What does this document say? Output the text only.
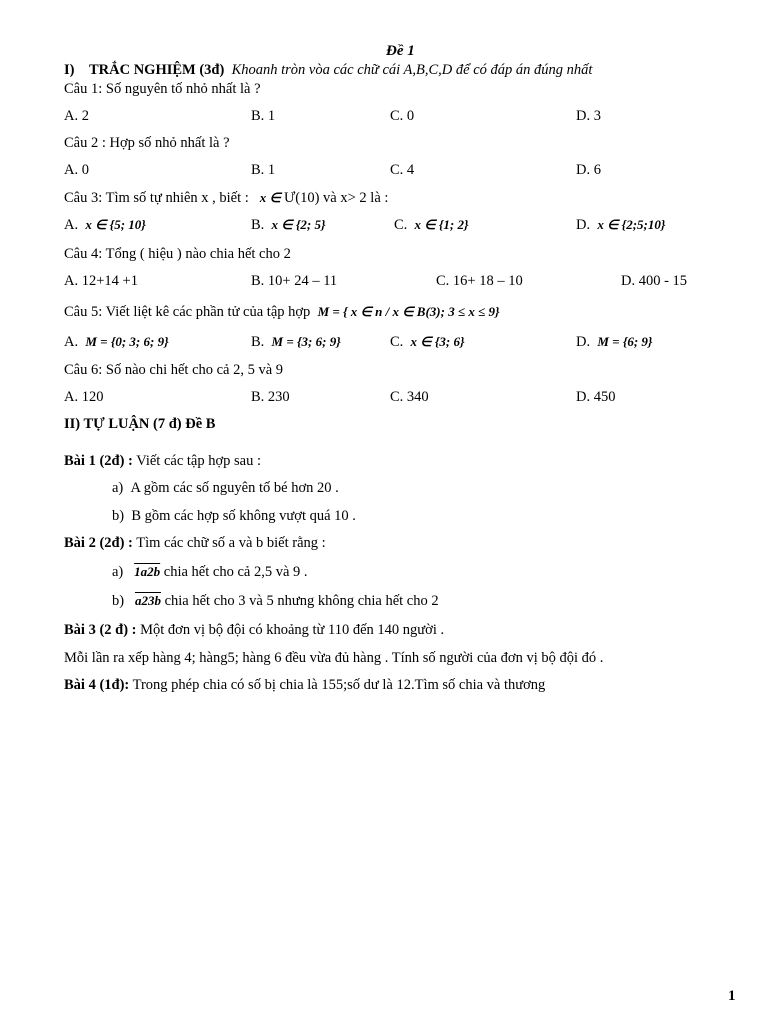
Đề 1
I) TRẮC NGHIỆM (3đ) Khoanh tròn vòa các chữ cái A,B,C,D để có đáp án đúng nhất
Câu 1: Số nguyên tố nhỏ nhất là ?
A. 2	B. 1	C. 0	D. 3
Câu 2 : Hợp số nhỏ nhất là ?
A. 0	B. 1	C. 4	D. 6
Câu 3: Tìm số tự nhiên x , biết : x ∈ Ư(10) và x> 2 là :
A. x ∈ {5; 10}	B. x ∈ {2; 5}	C. x ∈ {1; 2}	D. x ∈ {2;5;10}
Câu 4: Tổng ( hiệu ) nào chia hết cho 2
A. 12+14 +1	B. 10+ 24 – 11	C. 16+ 18 – 10	D. 400 - 15
Câu 5: Viết liệt kê các phần tử của tập hợp M = { x ∈ n / x ∈ B(3); 3 ≤ x ≤ 9}
A. M = {0; 3; 6; 9}	B. M = {3; 6; 9}	C. x ∈ {3; 6}	D. M = {6; 9}
Câu 6: Số nào chi hết cho cả 2, 5 và 9
A. 120	B. 230	C. 340	D. 450
II) TỰ LUẬN (7 đ) Đề B
Bài 1 (2đ) : Viết các tập hợp sau :
a) A gồm các số nguyên tố bé hơn 20 .
b) B gồm các hợp số không vượt quá 10 .
Bài 2 (2đ) : Tìm các chữ số a và b biết rằng :
a) 1a2b chia hết cho cả 2,5 và 9 .
b) a23b chia hết cho 3 và 5 nhưng không chia hết cho 2
Bài 3 (2 đ) : Một đơn vị bộ đội có khoảng từ 110 đến 140 người .
Mỗi lần ra xếp hàng 4; hàng5; hàng 6 đều vừa đủ hàng . Tính số người của đơn vị bộ đội đó .
Bài 4 (1đ): Trong phép chia có số bị chia là 155;số dư là 12.Tìm số chia và thương
1
